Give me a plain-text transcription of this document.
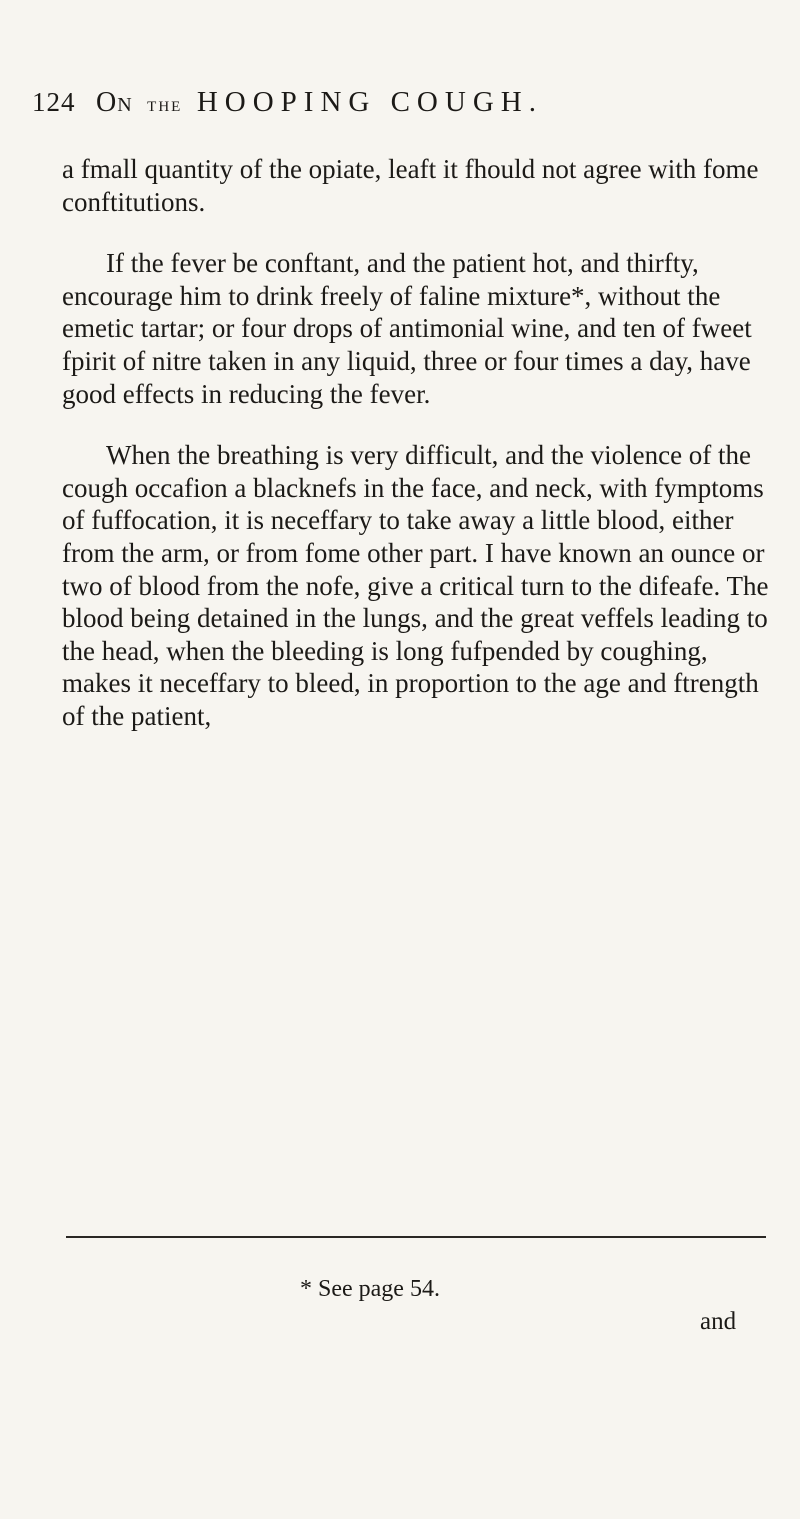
124 On the HOOPING COUGH.

a fmall quantity of the opiate, leaft it fhould not agree with fome conftitutions.

If the fever be conftant, and the patient hot, and thirfty, encourage him to drink freely of faline mixture*, without the emetic tartar; or four drops of antimonial wine, and ten of fweet fpirit of nitre taken in any liquid, three or four times a day, have good effects in reducing the fever.

When the breathing is very difficult, and the violence of the cough occafion a blacknefs in the face, and neck, with fymptoms of fuffocation, it is neceffary to take away a little blood, either from the arm, or from fome other part. I have known an ounce or two of blood from the nofe, give a critical turn to the difeafe. The blood being detained in the lungs, and the great veffels leading to the head, when the bleeding is long fufpended by coughing, makes it neceffary to bleed, in proportion to the age and ftrength of the patient,

* See page 54.
and
